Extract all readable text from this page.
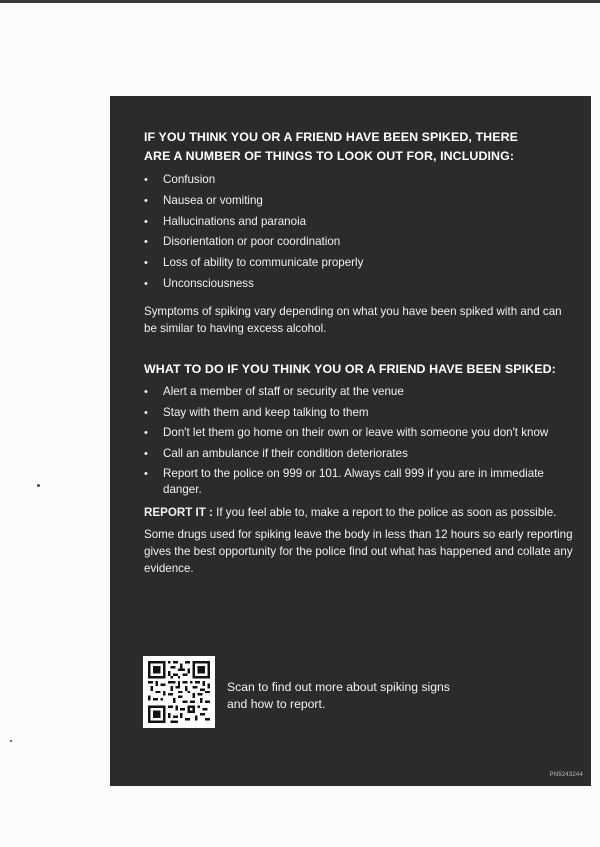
IF YOU THINK YOU OR A FRIEND HAVE BEEN SPIKED, THERE ARE A NUMBER OF THINGS TO LOOK OUT FOR, INCLUDING:
• Confusion
• Nausea or vomiting
• Hallucinations and paranoia
• Disorientation or poor coordination
• Loss of ability to communicate properly
• Unconsciousness

Symptoms of spiking vary depending on what you have been spiked with and can be similar to having excess alcohol.

WHAT TO DO IF YOU THINK YOU OR A FRIEND HAVE BEEN SPIKED:
• Alert a member of staff or security at the venue
• Stay with them and keep talking to them
• Don't let them go home on their own or leave with someone you don't know
• Call an ambulance if their condition deteriorates
• Report to the police on 999 or 101. Always call 999 if you are in immediate danger.

REPORT IT : If you feel able to, make a report to the police as soon as possible.

Some drugs used for spiking leave the body in less than 12 hours so early reporting gives the best opportunity for the police find out what has happened and collate any evidence.

Scan to find out more about spiking signs and how to report.
PN5243244
